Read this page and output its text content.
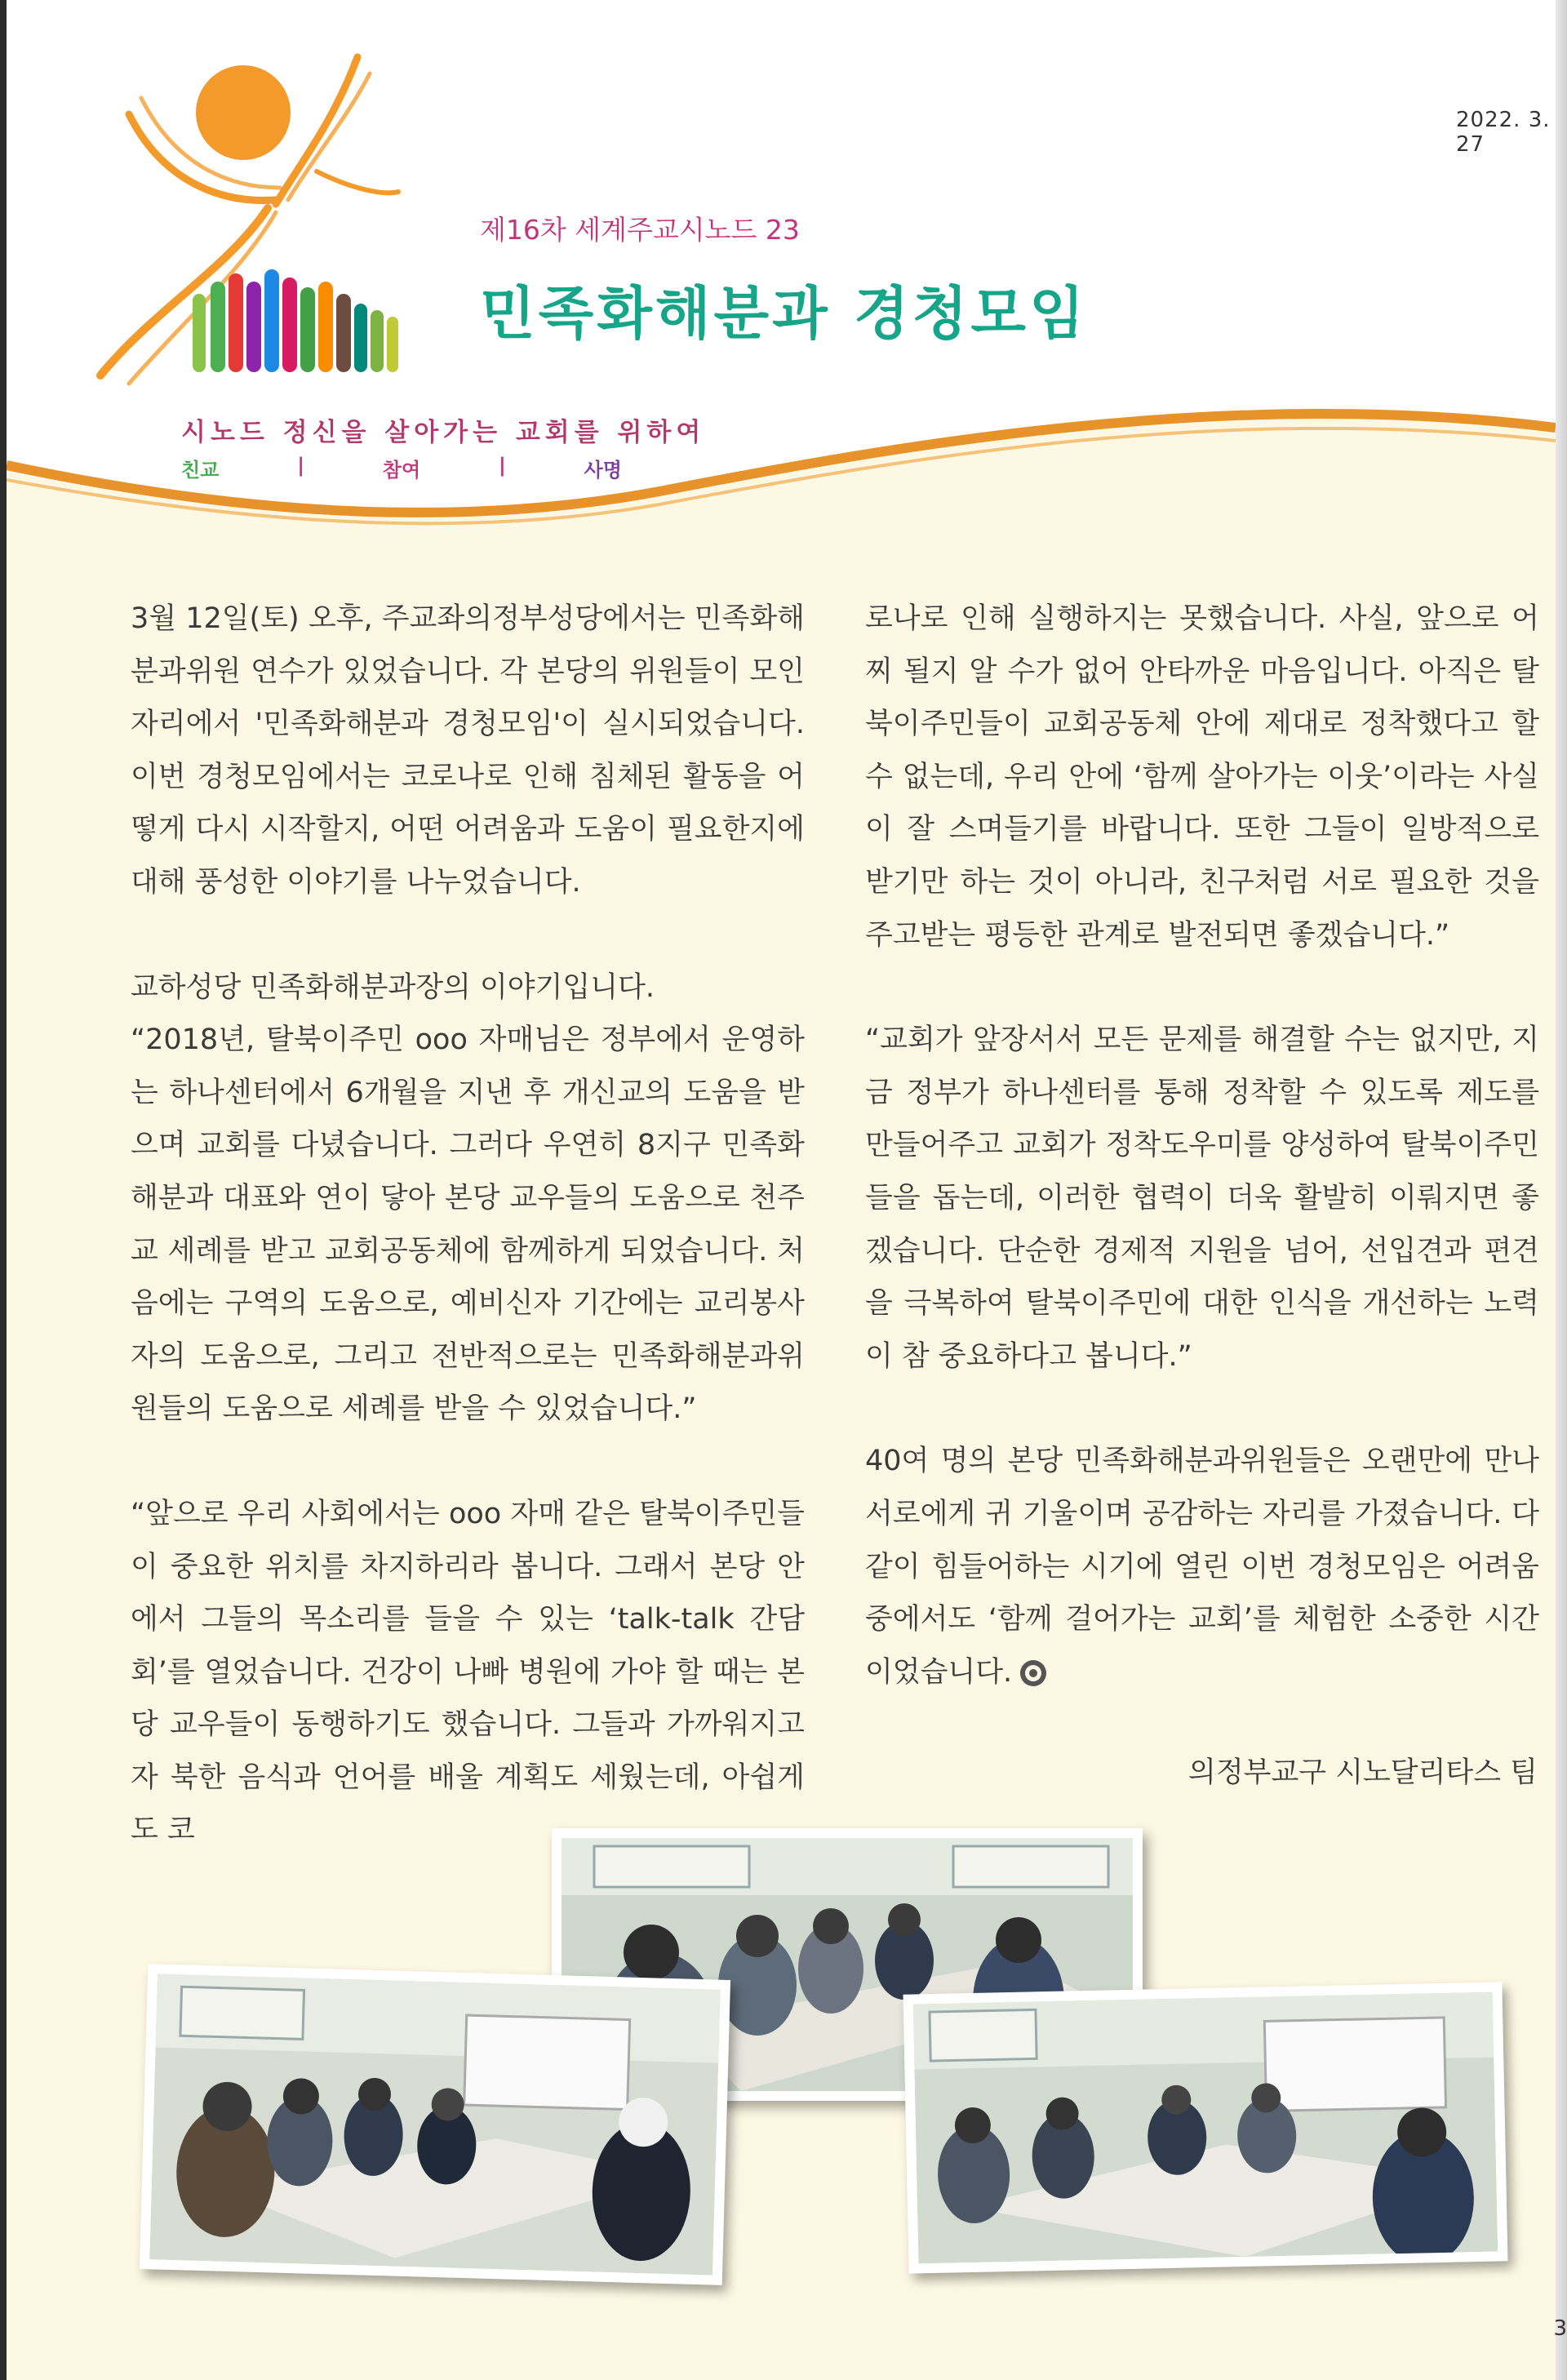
2022. 3. 27
제16차 세계주교시노드 23
민족화해분과 경청모임
시노드 정신을 살아가는 교회를 위하여
친교	|	참여	|	사명

3월 12일(토) 오후, 주교좌의정부성당에서는 민족화해분과위원 연수가 있었습니다. 각 본당의 위원들이 모인 자리에서 '민족화해분과 경청모임'이 실시되었습니다. 이번 경청모임에서는 코로나로 인해 침체된 활동을 어떻게 다시 시작할지, 어떤 어려움과 도움이 필요한지에 대해 풍성한 이야기를 나누었습니다.

교하성당 민족화해분과장의 이야기입니다.

“2018년, 탈북이주민 ooo 자매님은 정부에서 운영하는 하나센터에서 6개월을 지낸 후 개신교의 도움을 받으며 교회를 다녔습니다. 그러다 우연히 8지구 민족화해분과 대표와 연이 닿아 본당 교우들의 도움으로 천주교 세례를 받고 교회공동체에 함께하게 되었습니다. 처음에는 구역의 도움으로, 예비신자 기간에는 교리봉사자의 도움으로, 그리고 전반적으로는 민족화해분과위원들의 도움으로 세례를 받을 수 있었습니다.”

“앞으로 우리 사회에서는 ooo 자매 같은 탈북이주민들이 중요한 위치를 차지하리라 봅니다. 그래서 본당 안에서 그들의 목소리를 들을 수 있는 ‘talk-talk 간담회’를 열었습니다. 건강이 나빠 병원에 가야 할 때는 본당 교우들이 동행하기도 했습니다. 그들과 가까워지고자 북한 음식과 언어를 배울 계획도 세웠는데, 아쉽게도 코

로나로 인해 실행하지는 못했습니다. 사실, 앞으로 어찌 될지 알 수가 없어 안타까운 마음입니다. 아직은 탈북이주민들이 교회공동체 안에 제대로 정착했다고 할 수 없는데, 우리 안에 ‘함께 살아가는 이웃’이라는 사실이 잘 스며들기를 바랍니다. 또한 그들이 일방적으로 받기만 하는 것이 아니라, 친구처럼 서로 필요한 것을 주고받는 평등한 관계로 발전되면 좋겠습니다.”

“교회가 앞장서서 모든 문제를 해결할 수는 없지만, 지금 정부가 하나센터를 통해 정착할 수 있도록 제도를 만들어주고 교회가 정착도우미를 양성하여 탈북이주민들을 돕는데, 이러한 협력이 더욱 활발히 이뤄지면 좋겠습니다. 단순한 경제적 지원을 넘어, 선입견과 편견을 극복하여 탈북이주민에 대한 인식을 개선하는 노력이 참 중요하다고 봅니다.”

40여 명의 본당 민족화해분과위원들은 오랜만에 만나 서로에게 귀 기울이며 공감하는 자리를 가졌습니다. 다 같이 힘들어하는 시기에 열린 이번 경청모임은 어려움 중에서도 ‘함께 걸어가는 교회’를 체험한 소중한 시간이었습니다.

의정부교구 시노달리타스 팀
3
